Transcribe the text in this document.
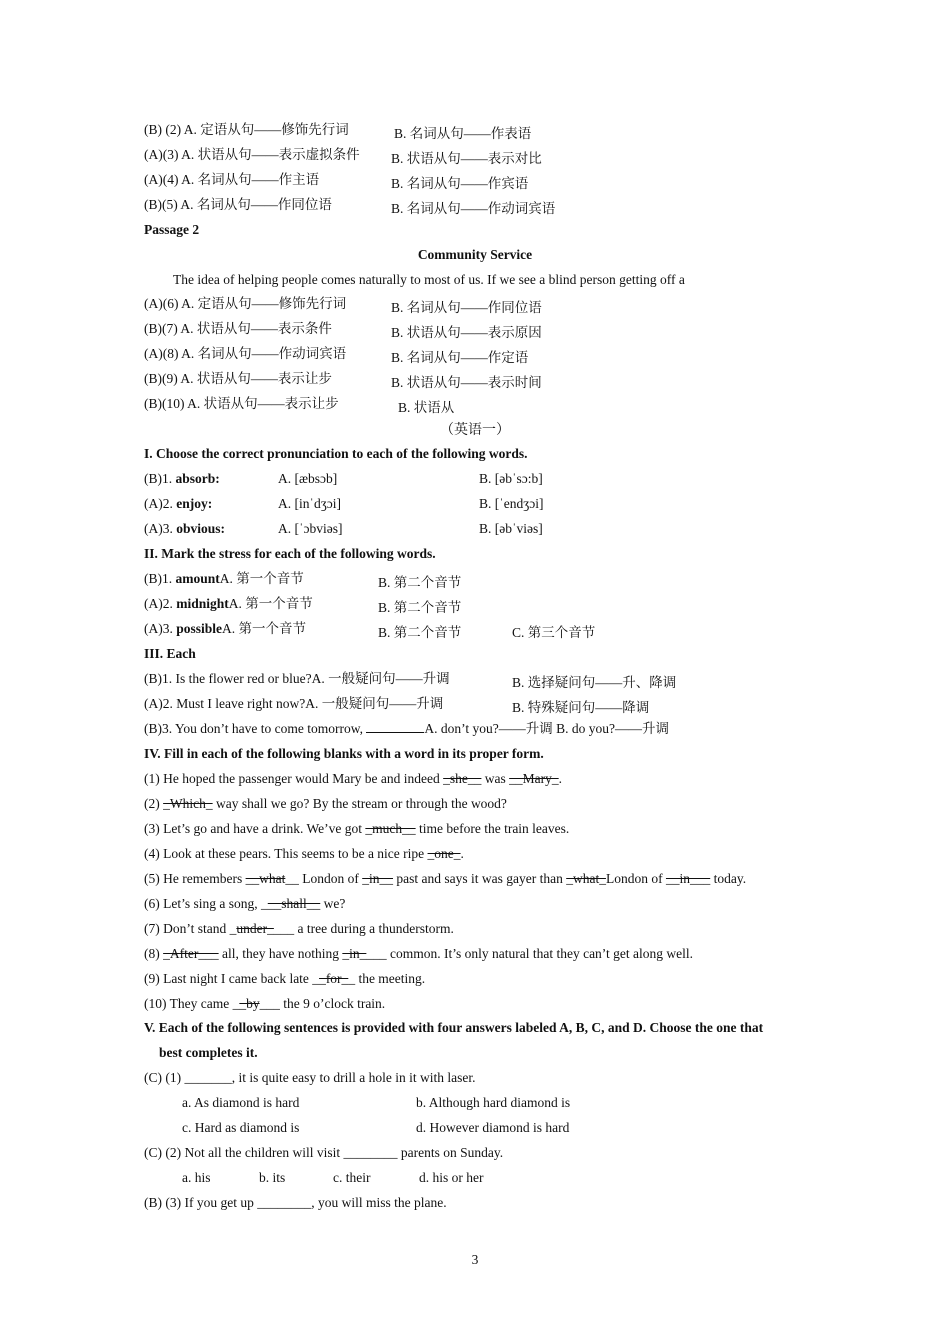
(B) (2) A. 定语从句——修饰先行词	B. 名词从句——作表语
(A)(3) A. 状语从句——表示虚拟条件 B. 状语从句——表示对比
(A)(4) A. 名词从句——作主语	B. 名词从句——作宾语
(B)(5) A. 名词从句——作同位语	B. 名词从句——作动词宾语
Passage 2
Community Service
The idea of helping people comes naturally to most of us. If we see a blind person getting off a
(A)(6) A. 定语从句——修饰先行词	B. 名词从句——作同位语
(B)(7) A. 状语从句——表示条件	B. 状语从句——表示原因
(A)(8) A. 名词从句——作动词宾语	B. 名词从句——作定语
(B)(9) A. 状语从句——表示让步	B. 状语从句——表示时间
(B)(10) A. 状语从句——表示让步	B. 状语从
（英语一）
I. Choose the correct pronunciation to each of the following words.
(B)1. absorb:	A. [æbsɔb]	B. [əbˈsɔ:b]
(A)2. enjoy:	A. [inˈdʒɔi]	B. [ˈendʒɔi]
(A)3. obvious:	A. [ˈɔbviəs]	B. [əbˈviəs]
II. Mark the stress for each of the following words.
(B)1. amountA. 第一个音节	B. 第二个音节
(A)2. midnightA. 第一个音节	B. 第二个音节
(A)3. possibleA. 第一个音节	B. 第二个音节	C. 第三个音节
III. Each
(B)1. Is the flower red or blue?A. 一般疑问句——升调	B. 选择疑问句——升、降调
(A)2. Must I leave right now?A. 一般疑问句——升调	B. 特殊疑问句——降调
(B)3. You don’t have to come tomorrow,	A. don’t you?——升调 B. do you?——升调
IV. Fill in each of the following blanks with a word in its proper form.
(1) He hoped the passenger would Mary be and indeed _she__ was __Mary_.
(2) _Which_ way shall we go? By the stream or through the wood?
(3) Let’s go and have a drink. We’ve got _much__ time before the train leaves.
(4) Look at these pears. This seems to be a nice ripe _one_.
(5) He remembers __what__ London of _in__ past and says it was gayer than _what_London of __in___ today.
(6) Let’s sing a song, ___shall__ we?
(7) Don’t stand _under____ a tree during a thunderstorm.
(8) _After___ all, they have nothing _in____ common. It’s only natural that they can’t get along well.
(9) Last night I came back late __for__ the meeting.
(10) They came __by___ the 9 o’clock train.
V. Each of the following sentences is provided with four answers labeled A, B, C, and D. Choose the one that
best completes it.
(C) (1) _______, it is quite easy to drill a hole in it with laser.
a. As diamond is hard	b. Although hard diamond is
c. Hard as diamond is	d. However diamond is hard
(C) (2) Not all the children will visit ________ parents on Sunday.
a. his	b. its	c. their	d. his or her
(B) (3) If you get up ________, you will miss the plane.
3
